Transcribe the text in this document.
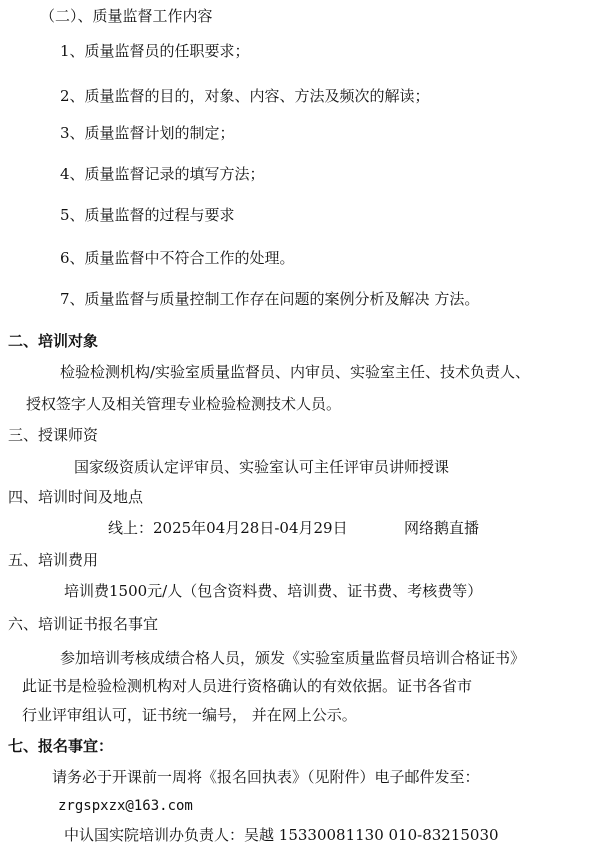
（二）、质量监督工作内容
1、质量监督员的任职要求；
2、质量监督的目的，对象、内容、方法及频次的解读；
3、质量监督计划的制定；
4、质量监督记录的填写方法；
5、质量监督的过程与要求
6、质量监督中不符合工作的处理。
7、质量监督与质量控制工作存在问题的案例分析及解决 方法。
二、培训对象
检验检测机构/实验室质量监督员、内审员、实验室主任、技术负责人、
授权签字人及相关管理专业检验检测技术人员。
三、授课师资
国家级资质认定评审员、实验室认可主任评审员讲师授课
四、培训时间及地点
线上：2025年04月28日-04月29日	网络鹅直播
五、培训费用
培训费1500元/人（包含资料费、培训费、证书费、考核费等）
六、培训证书报名事宜
参加培训考核成绩合格人员，颁发《实验室质量监督员培训合格证书》
此证书是检验检测机构对人员进行资格确认的有效依据。证书各省市
行业评审组认可，证书统一编号， 并在网上公示。
七、报名事宜：
请务必于开课前一周将《报名回执表》（见附件）电子邮件发至：
zrgspxzx@163.com
中认国实院培训办负责人：吴越 15330081130 010-83215030
